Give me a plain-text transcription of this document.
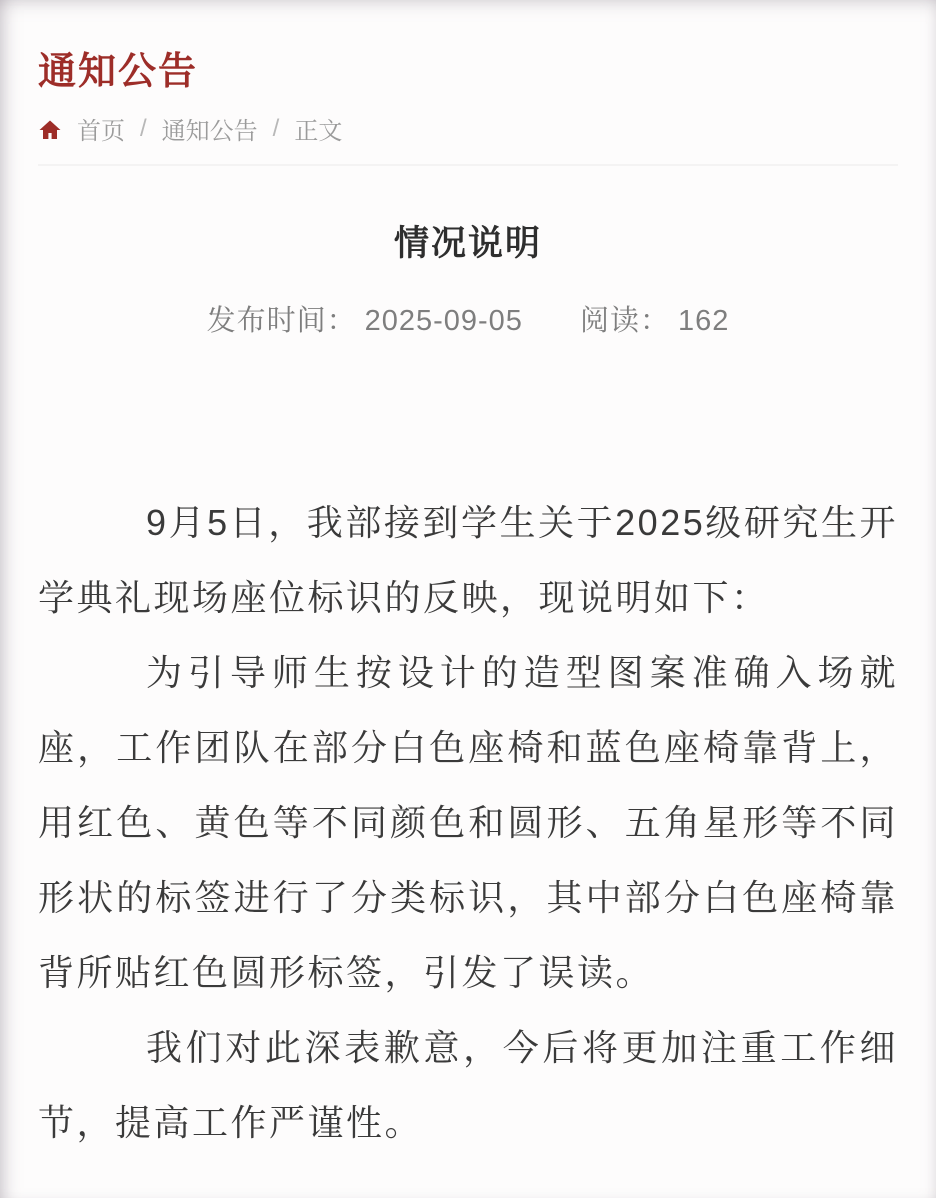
通知公告
首页 / 通知公告 / 正文
情况说明
发布时间： 2025-09-05 阅读： 162

9月5日，我部接到学生关于2025级研究生开学典礼现场座位标识的反映，现说明如下：

为引导师生按设计的造型图案准确入场就座，工作团队在部分白色座椅和蓝色座椅靠背上，用红色、黄色等不同颜色和圆形、五角星形等不同形状的标签进行了分类标识，其中部分白色座椅靠背所贴红色圆形标签，引发了误读。

我们对此深表歉意，今后将更加注重工作细节，提高工作严谨性。
